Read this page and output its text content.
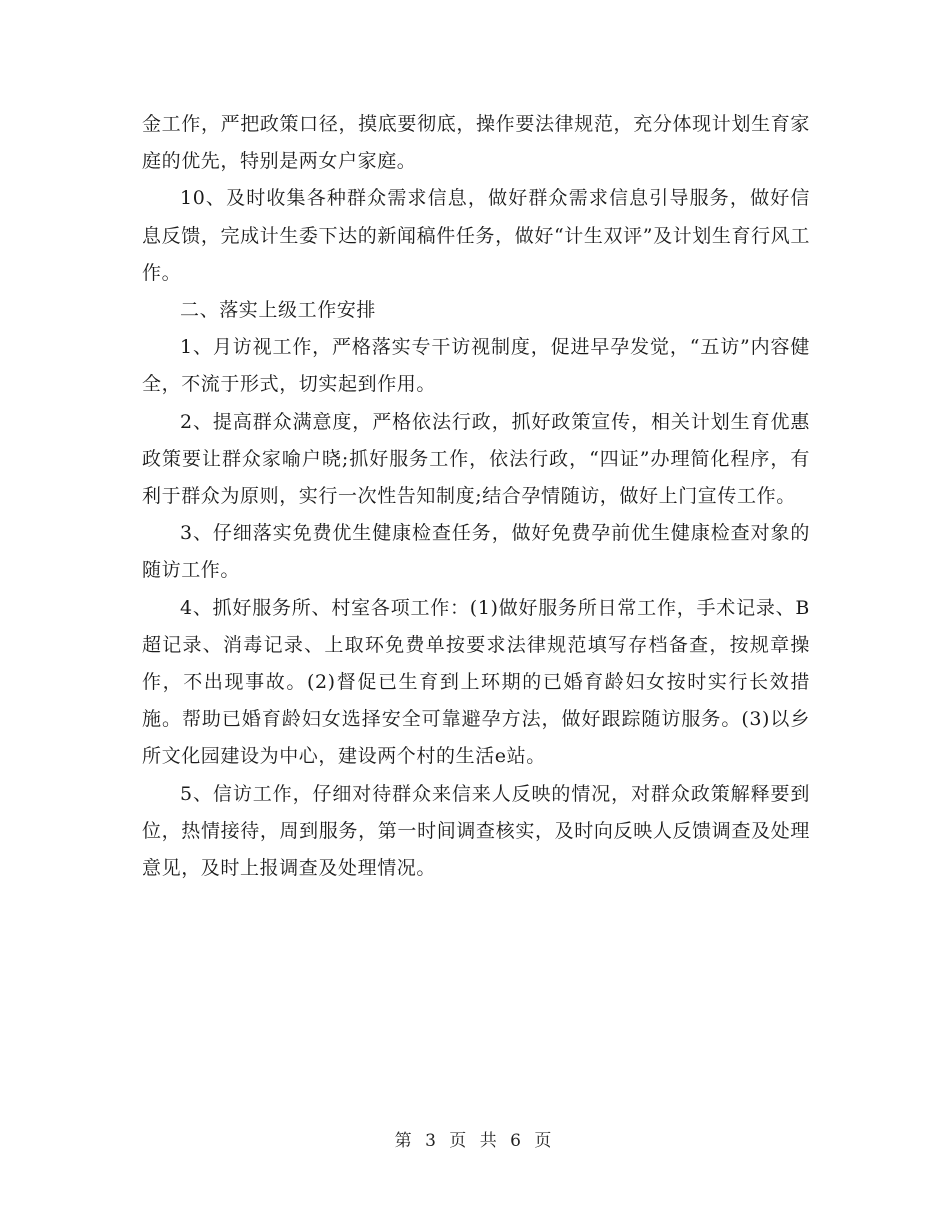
金工作，严把政策口径，摸底要彻底，操作要法律规范，充分体现计划生育家庭的优先，特别是两女户家庭。

10、及时收集各种群众需求信息，做好群众需求信息引导服务，做好信息反馈，完成计生委下达的新闻稿件任务，做好“计生双评”及计划生育行风工作。

二、落实上级工作安排

1、月访视工作，严格落实专干访视制度，促进早孕发觉，“五访”内容健全，不流于形式，切实起到作用。

2、提高群众满意度，严格依法行政，抓好政策宣传，相关计划生育优惠政策要让群众家喻户晓;抓好服务工作，依法行政，“四证”办理简化程序，有利于群众为原则，实行一次性告知制度;结合孕情随访，做好上门宣传工作。

3、仔细落实免费优生健康检查任务，做好免费孕前优生健康检查对象的随访工作。

4、抓好服务所、村室各项工作：(1)做好服务所日常工作，手术记录、B超记录、消毒记录、上取环免费单按要求法律规范填写存档备查，按规章操作，不出现事故。(2)督促已生育到上环期的已婚育龄妇女按时实行长效措施。帮助已婚育龄妇女选择安全可靠避孕方法，做好跟踪随访服务。(3)以乡所文化园建设为中心，建设两个村的生活e站。

5、信访工作，仔细对待群众来信来人反映的情况，对群众政策解释要到位，热情接待，周到服务，第一时间调查核实，及时向反映人反馈调查及处理意见，及时上报调查及处理情况。

第 3 页 共 6 页
